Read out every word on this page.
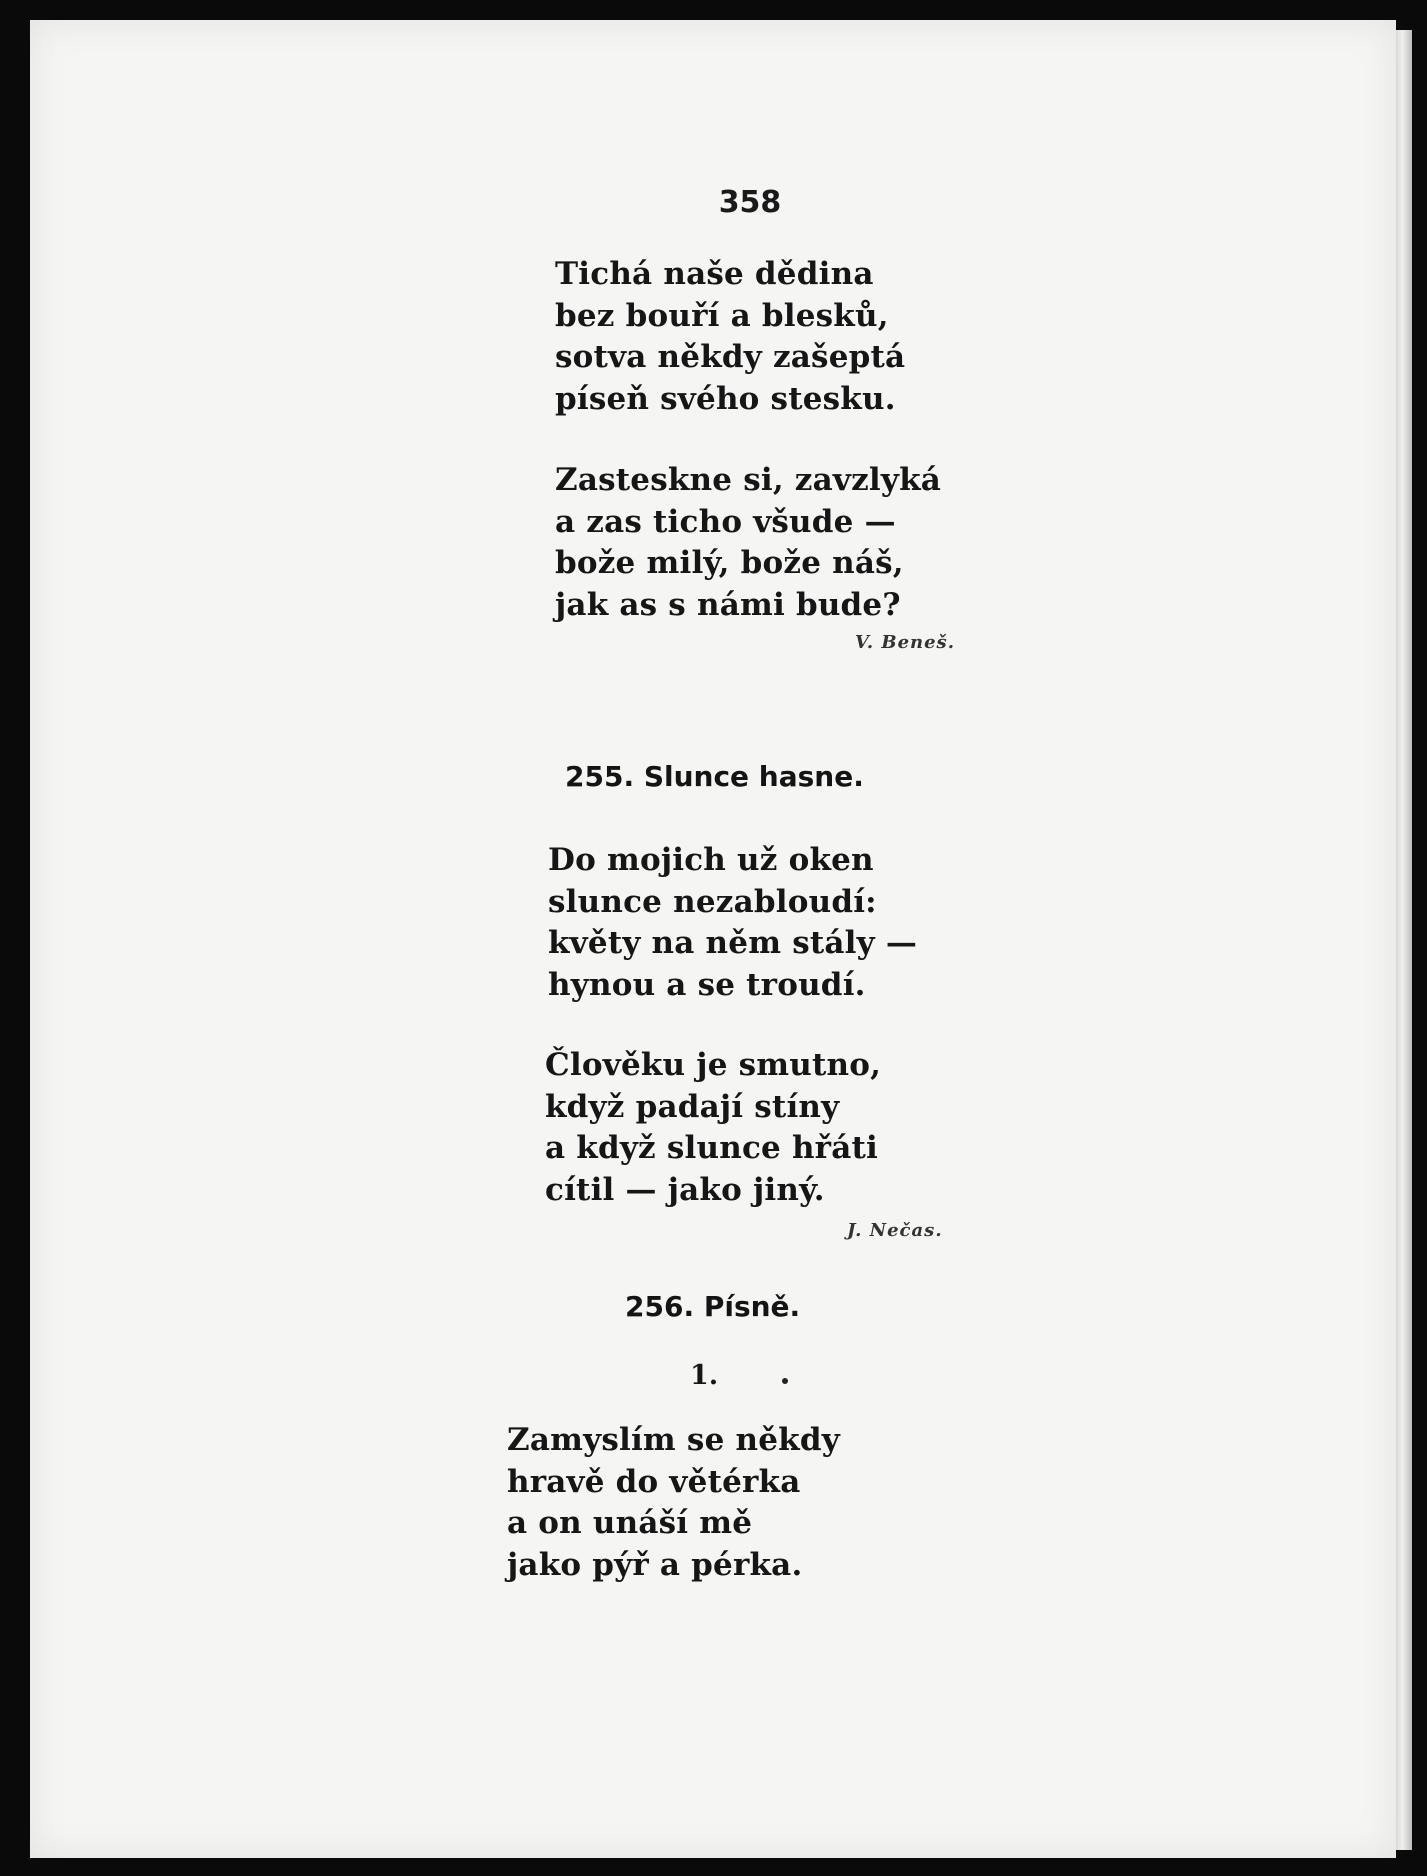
358
Tichá naše dědina
bez bouří a blesků,
sotva někdy zašeptá
píseň svého stesku.
Zasteskne si, zavzlyká
a zas ticho všude —
bože milý, bože náš,
jak as s námi bude?
V. Beneš.
255. Slunce hasne.
Do mojich už oken
slunce nezabloudí:
květy na něm stály —
hynou a se troudí.
Člověku je smutno,
když padají stíny
a když slunce hřáti
cítil — jako jiný.
J. Nečas.
256. Písně.
1.
Zamyslím se někdy
hravě do větérka
a on unáší mě
jako pýř a pérka.
